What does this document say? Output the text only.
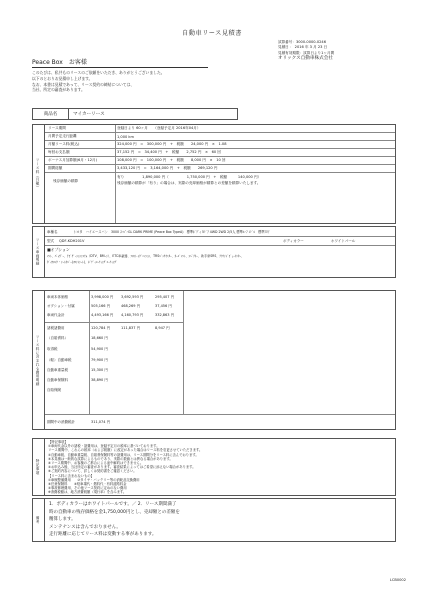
自動車リース見積書
試算番号：3000-0000-0246
見積日 ： 2016 年 3 月 23 日
見積有効期限：試算日より1ヶ月間
オリックス自動車株式会社
Peace Box　お客様
このたびは、私共ものリースのご依頼をいただき、ありがとうございました。
以下のとおりお見積申し上げます。
なお、本書は見積であって、リース契約の締結については、
当社、所定の審査があります。
商品名	マイカーリース
リース料（月額）
リース期間	登録日より 60ヶ月　　（登録予定月 2016年04月）
月間予定走行距離	1,000 km
月額リース料(税込)	324,000 円　=　300,000 円　+　税額　　24,000 円　×　1.08
毎回お支払額	37,152 円　=　34,400 円　+　税額　　2,752 円　×　60 回
ボーナス月加算額(6月・12月)	108,000 円　=　100,000 円　+　税額　　8,000 円　×　10 回
期間総額	3,433,120 円　=　3,164,000 円　+　税額　　269,120 円
残存価額の精算
有り　　　　　1,890,000 円（　　　　　1,750,000 円　+　税額　　　140,000 円）
残存価額の精算が「有り」の場合は、実際の売却価格が精算との差額を精算いたします。
リース車両明細
車種名	トヨタ　ハイエースバン　3000 ｽｰﾊﾟｰGL DARK PRIME (Peace Box TypeA)　標準ﾎﾞﾃﾞｨ 5ﾄﾞｱ 4WD 2WD 2/5人 標準ﾙｰﾌ ﾐﾄﾞﾙ　標準ﾌﾛｱ
型式 QDF-KDH201V	ボディカラー	ホワイトパール
■オプション
ﾏｯﾄ、ﾊﾞｲｻﾞｰ、ﾅﾋﾞｹﾞｰｼｮﾝｼｽﾃﾑ（DTV、BMｰｼ）、ETC車載器、ﾌﾛﾝﾄ ｲｸﾞﾆｯｼｮﾝ、TRSﾊﾞｯｸﾓﾆﾀｰ、ｶｰｺﾞﾏｯﾄ、ｽﾍﾟｱｷｰ、助手席SRS、ｱﾗｳﾝﾄﾞﾋﾞｭｰﾓﾆﾀｰ、
ﾀﾞｲﾔﾛｯｸ・ｼｰﾄｶﾊﾞｰ(ﾌﾛﾝﾄｼｰﾄ)、ﾎﾞﾃﾞｨｺｰﾃｨﾝｸﾞｺｰﾃｨﾝｸﾞ
リース料に含まれる費用明細
車両本体価格	3,998,000 円 3,692,593 円	295,407 円
オプション・付属	505,166 円	468,269 円	37,456 円
車両代金計	4,493,166 円 4,160,793 円	332,863 円
諸税諸費用	120,784 円	111,837 円	8,947 円
（自賠責料）	18,660 円
取得税	54,900 円
（軽）自動車税	79,900 円
自動車重量税	15,300 円
自動車保険料	38,890 円
自賠保険
期間中の消費税計	311,074 円
特記事項
【特記事項】
①車両代金以外の諸税・諸費用は、登録予定月の税率に基づいております。
リース期間中、これらの税率（および税額）に改定があった場合はリース料を変更させていただきます。
②自動車税、自動車重量税、自賠責保険料等の諸費用は、リース期間分をリース料に含んでおります。
③本見積は一般的な試算によるものであり、実際の数値とは異なる場合があります。
④リース期間中、お客様のご都合による途中解約はできません。
⑤お申込み後、当社所定の審査があります。審査結果によってはご希望に添えない場合があります。
⑥ご契約内容について、詳しくは契約書をご確認ください。
【リース料に含まれないもの】
①車検整備費用　　②タイヤ・バッテリー等の消耗品交換費用
③任意保険料　　④駐車場代・燃料代・有料道路料金
⑤事故修理費用、その他リース契約に定めのない費用
※消費税額は、地方消費税額（現行率）を含みます。
備考
1．ボディカラーはホワイトパールです。／ 2．リース期間満了
時の自動車の残存価格を金1,750,000円とし、売却額との差額を
精算します。
メンテナンスは含んでおりません。
走行距離に応じてリース料は変動する事があります。
LCB0002
